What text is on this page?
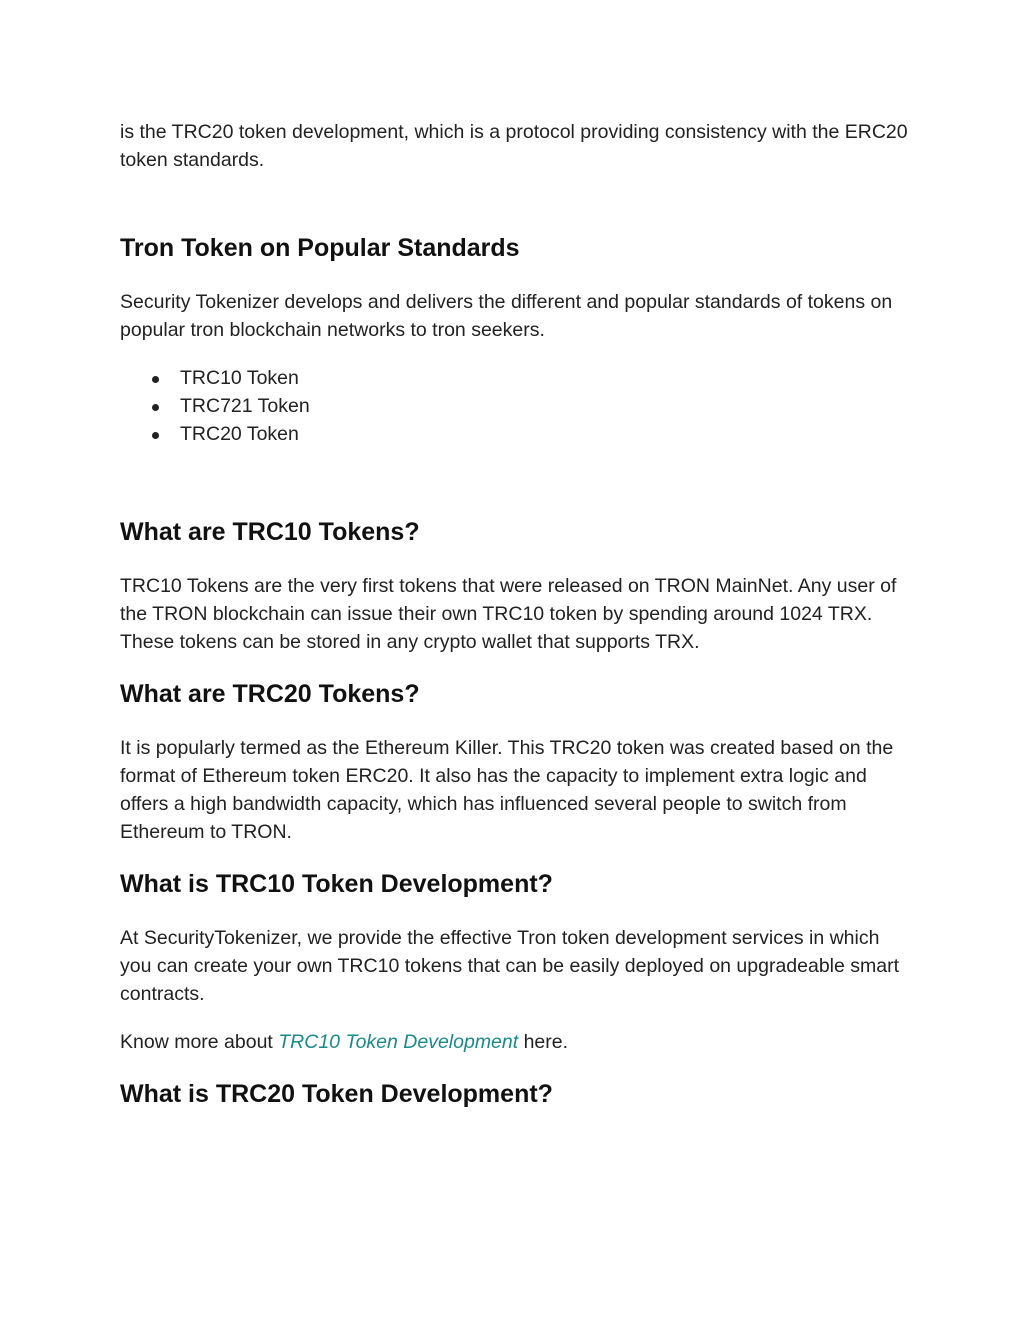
is the TRC20 token development, which is a protocol providing consistency with the ERC20 token standards.

Tron Token on Popular Standards

Security Tokenizer develops and delivers the different and popular standards of tokens on popular tron blockchain networks to tron seekers.

TRC10 Token
TRC721 Token
TRC20 Token
What are TRC10 Tokens?

TRC10 Tokens are the very first tokens that were released on TRON MainNet. Any user of the TRON blockchain can issue their own TRC10 token by spending around 1024 TRX. These tokens can be stored in any crypto wallet that supports TRX.

What are TRC20 Tokens?

It is popularly termed as the Ethereum Killer. This TRC20 token was created based on the format of Ethereum token ERC20. It also has the capacity to implement extra logic and offers a high bandwidth capacity, which has influenced several people to switch from Ethereum to TRON.

What is TRC10 Token Development?

At SecurityTokenizer, we provide the effective Tron token development services in which you can create your own TRC10 tokens that can be easily deployed on upgradeable smart contracts.

Know more about TRC10 Token Development here.

What is TRC20 Token Development?
